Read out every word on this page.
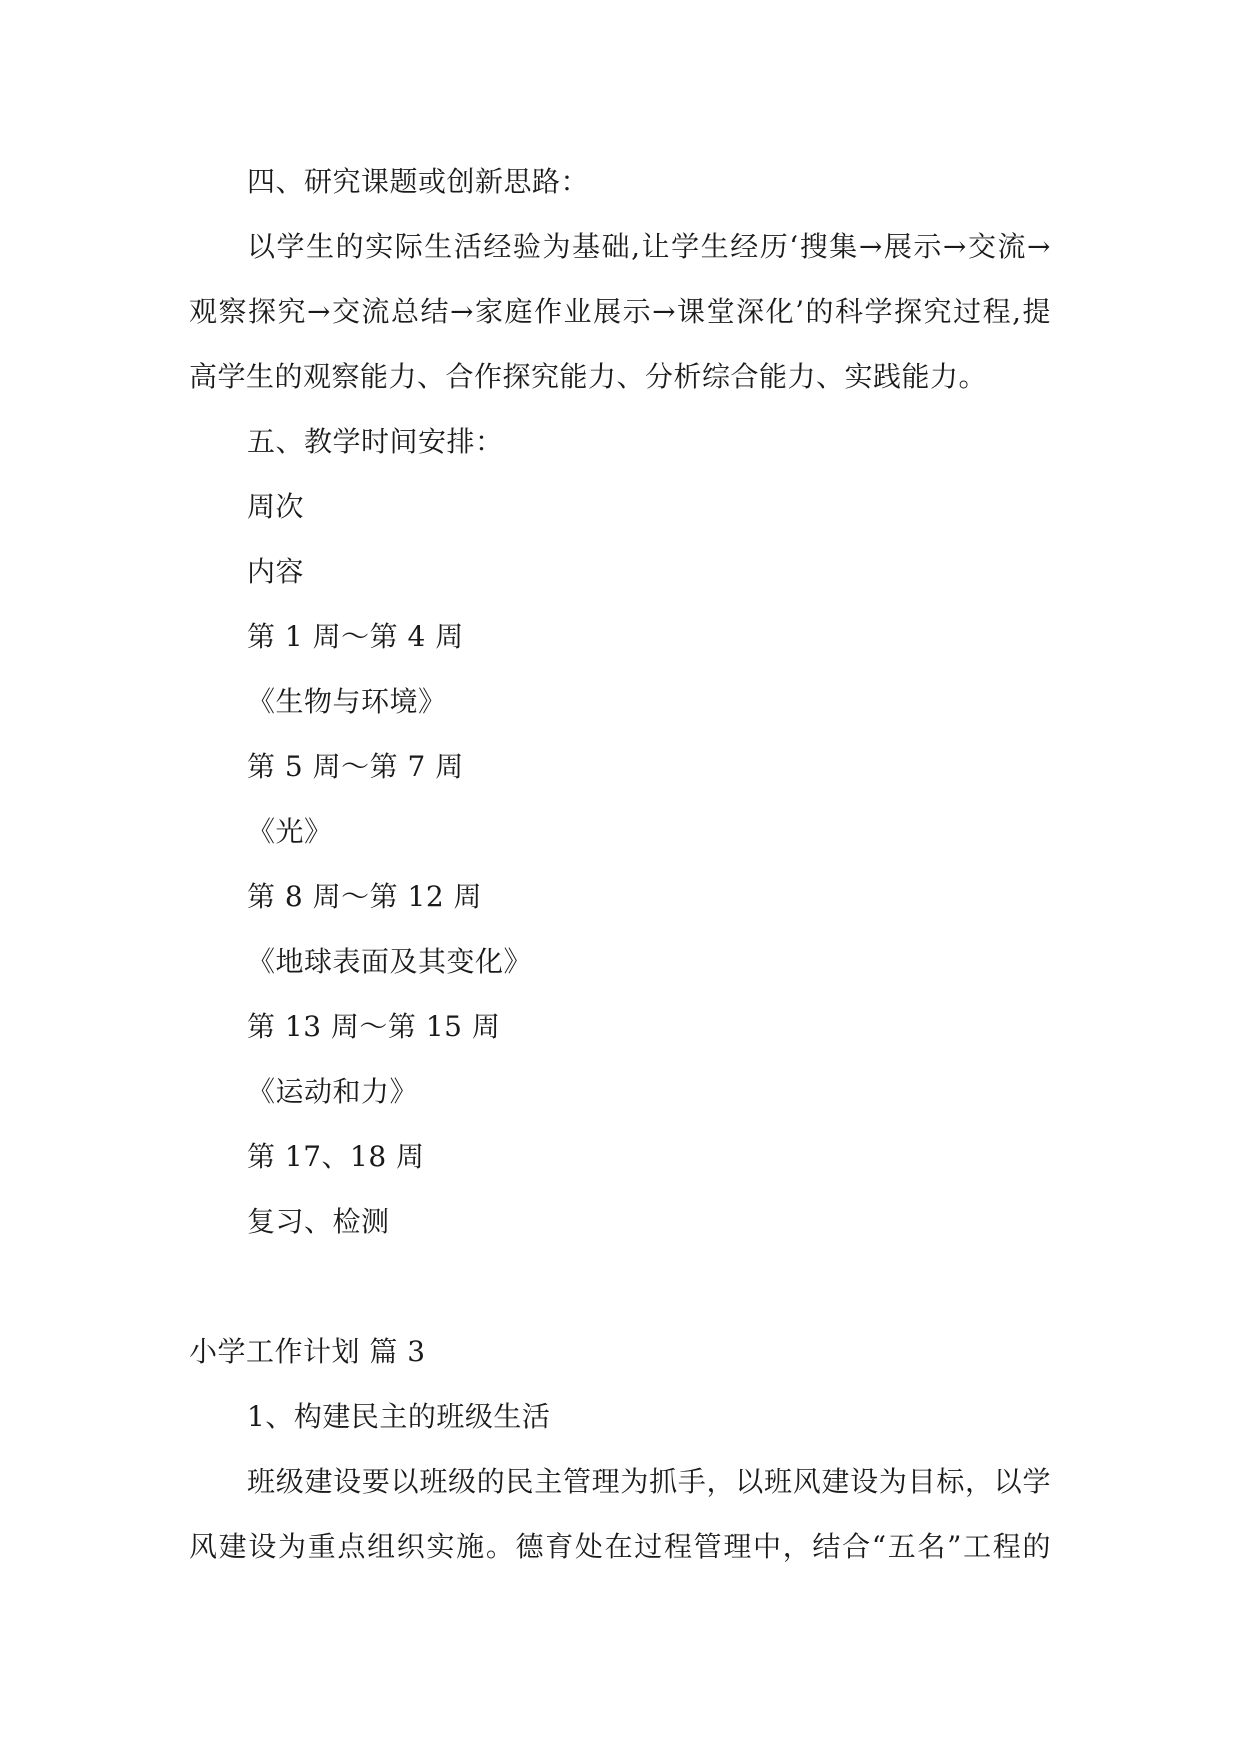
四、研究课题或创新思路：
以学生的实际生活经验为基础,让学生经历‘搜集→展示→交流→
观察探究→交流总结→家庭作业展示→课堂深化’的科学探究过程,提
高学生的观察能力、合作探究能力、分析综合能力、实践能力。
五、教学时间安排：
周次
内容
第 1 周～第 4 周
《生物与环境》
第 5 周～第 7 周
《光》
第 8 周～第 12 周
《地球表面及其变化》
第 13 周～第 15 周
《运动和力》
第 17、18 周
复习、检测
小学工作计划 篇 3
1、构建民主的班级生活
班级建设要以班级的民主管理为抓手，以班风建设为目标，以学
风建设为重点组织实施。德育处在过程管理中，结合“五名”工程的
